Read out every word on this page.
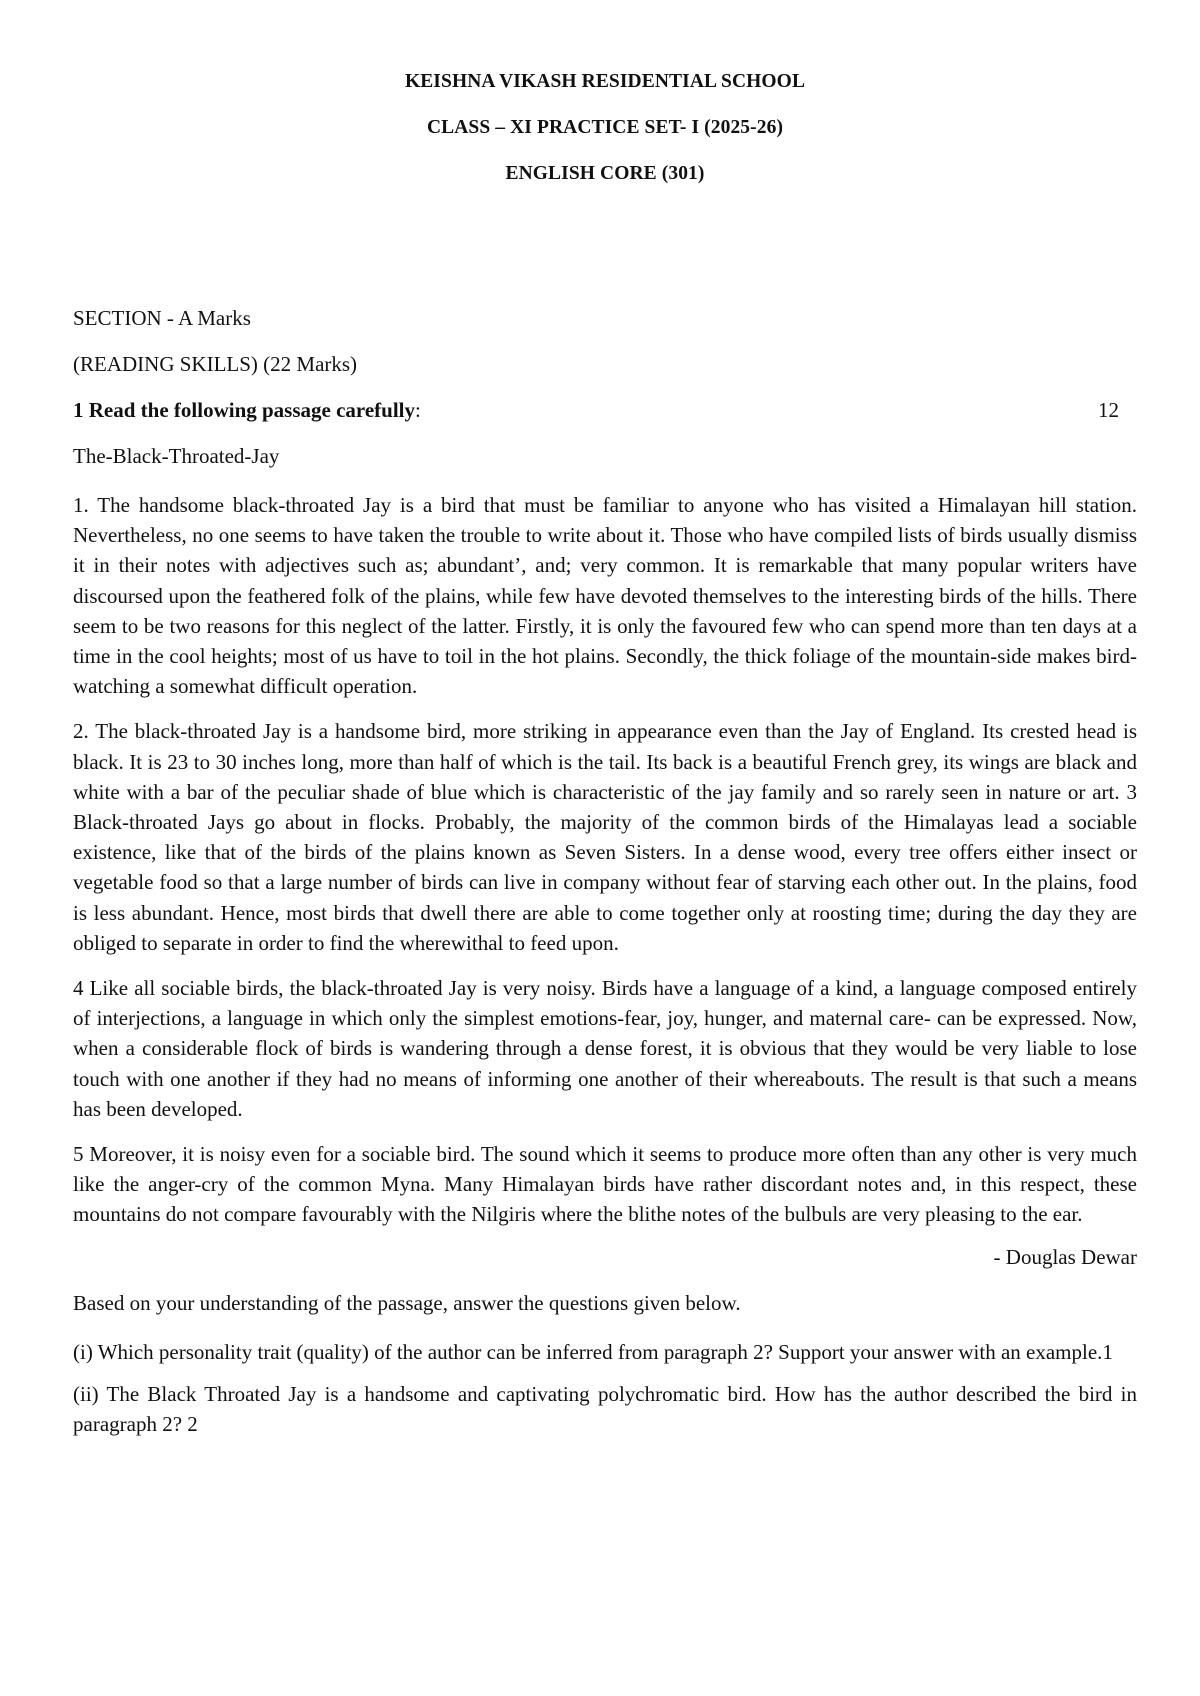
KEISHNA VIKASH RESIDENTIAL SCHOOL
CLASS – XI PRACTICE SET- I (2025-26)
ENGLISH CORE (301)
SECTION - A Marks
(READING SKILLS) (22 Marks)
1 Read the following passage carefully:	12
The-Black-Throated-Jay

1. The handsome black-throated Jay is a bird that must be familiar to anyone who has visited a Himalayan hill station. Nevertheless, no one seems to have taken the trouble to write about it. Those who have compiled lists of birds usually dismiss it in their notes with adjectives such as; abundant’, and; very common. It is remarkable that many popular writers have discoursed upon the feathered folk of the plains, while few have devoted themselves to the interesting birds of the hills. There seem to be two reasons for this neglect of the latter. Firstly, it is only the favoured few who can spend more than ten days at a time in the cool heights; most of us have to toil in the hot plains. Secondly, the thick foliage of the mountain-side makes bird-watching a somewhat difficult operation.

2. The black-throated Jay is a handsome bird, more striking in appearance even than the Jay of England. Its crested head is black. It is 23 to 30 inches long, more than half of which is the tail. Its back is a beautiful French grey, its wings are black and white with a bar of the peculiar shade of blue which is characteristic of the jay family and so rarely seen in nature or art. 3 Black-throated Jays go about in flocks. Probably, the majority of the common birds of the Himalayas lead a sociable existence, like that of the birds of the plains known as Seven Sisters. In a dense wood, every tree offers either insect or vegetable food so that a large number of birds can live in company without fear of starving each other out. In the plains, food is less abundant. Hence, most birds that dwell there are able to come together only at roosting time; during the day they are obliged to separate in order to find the wherewithal to feed upon.

4 Like all sociable birds, the black-throated Jay is very noisy. Birds have a language of a kind, a language composed entirely of interjections, a language in which only the simplest emotions-fear, joy, hunger, and maternal care- can be expressed. Now, when a considerable flock of birds is wandering through a dense forest, it is obvious that they would be very liable to lose touch with one another if they had no means of informing one another of their whereabouts. The result is that such a means has been developed.

5 Moreover, it is noisy even for a sociable bird. The sound which it seems to produce more often than any other is very much like the anger-cry of the common Myna. Many Himalayan birds have rather discordant notes and, in this respect, these mountains do not compare favourably with the Nilgiris where the blithe notes of the bulbuls are very pleasing to the ear.

- Douglas Dewar
Based on your understanding of the passage, answer the questions given below.

(i) Which personality trait (quality) of the author can be inferred from paragraph 2? Support your answer with an example.1

(ii) The Black Throated Jay is a handsome and captivating polychromatic bird. How has the author described the bird in paragraph 2? 2
